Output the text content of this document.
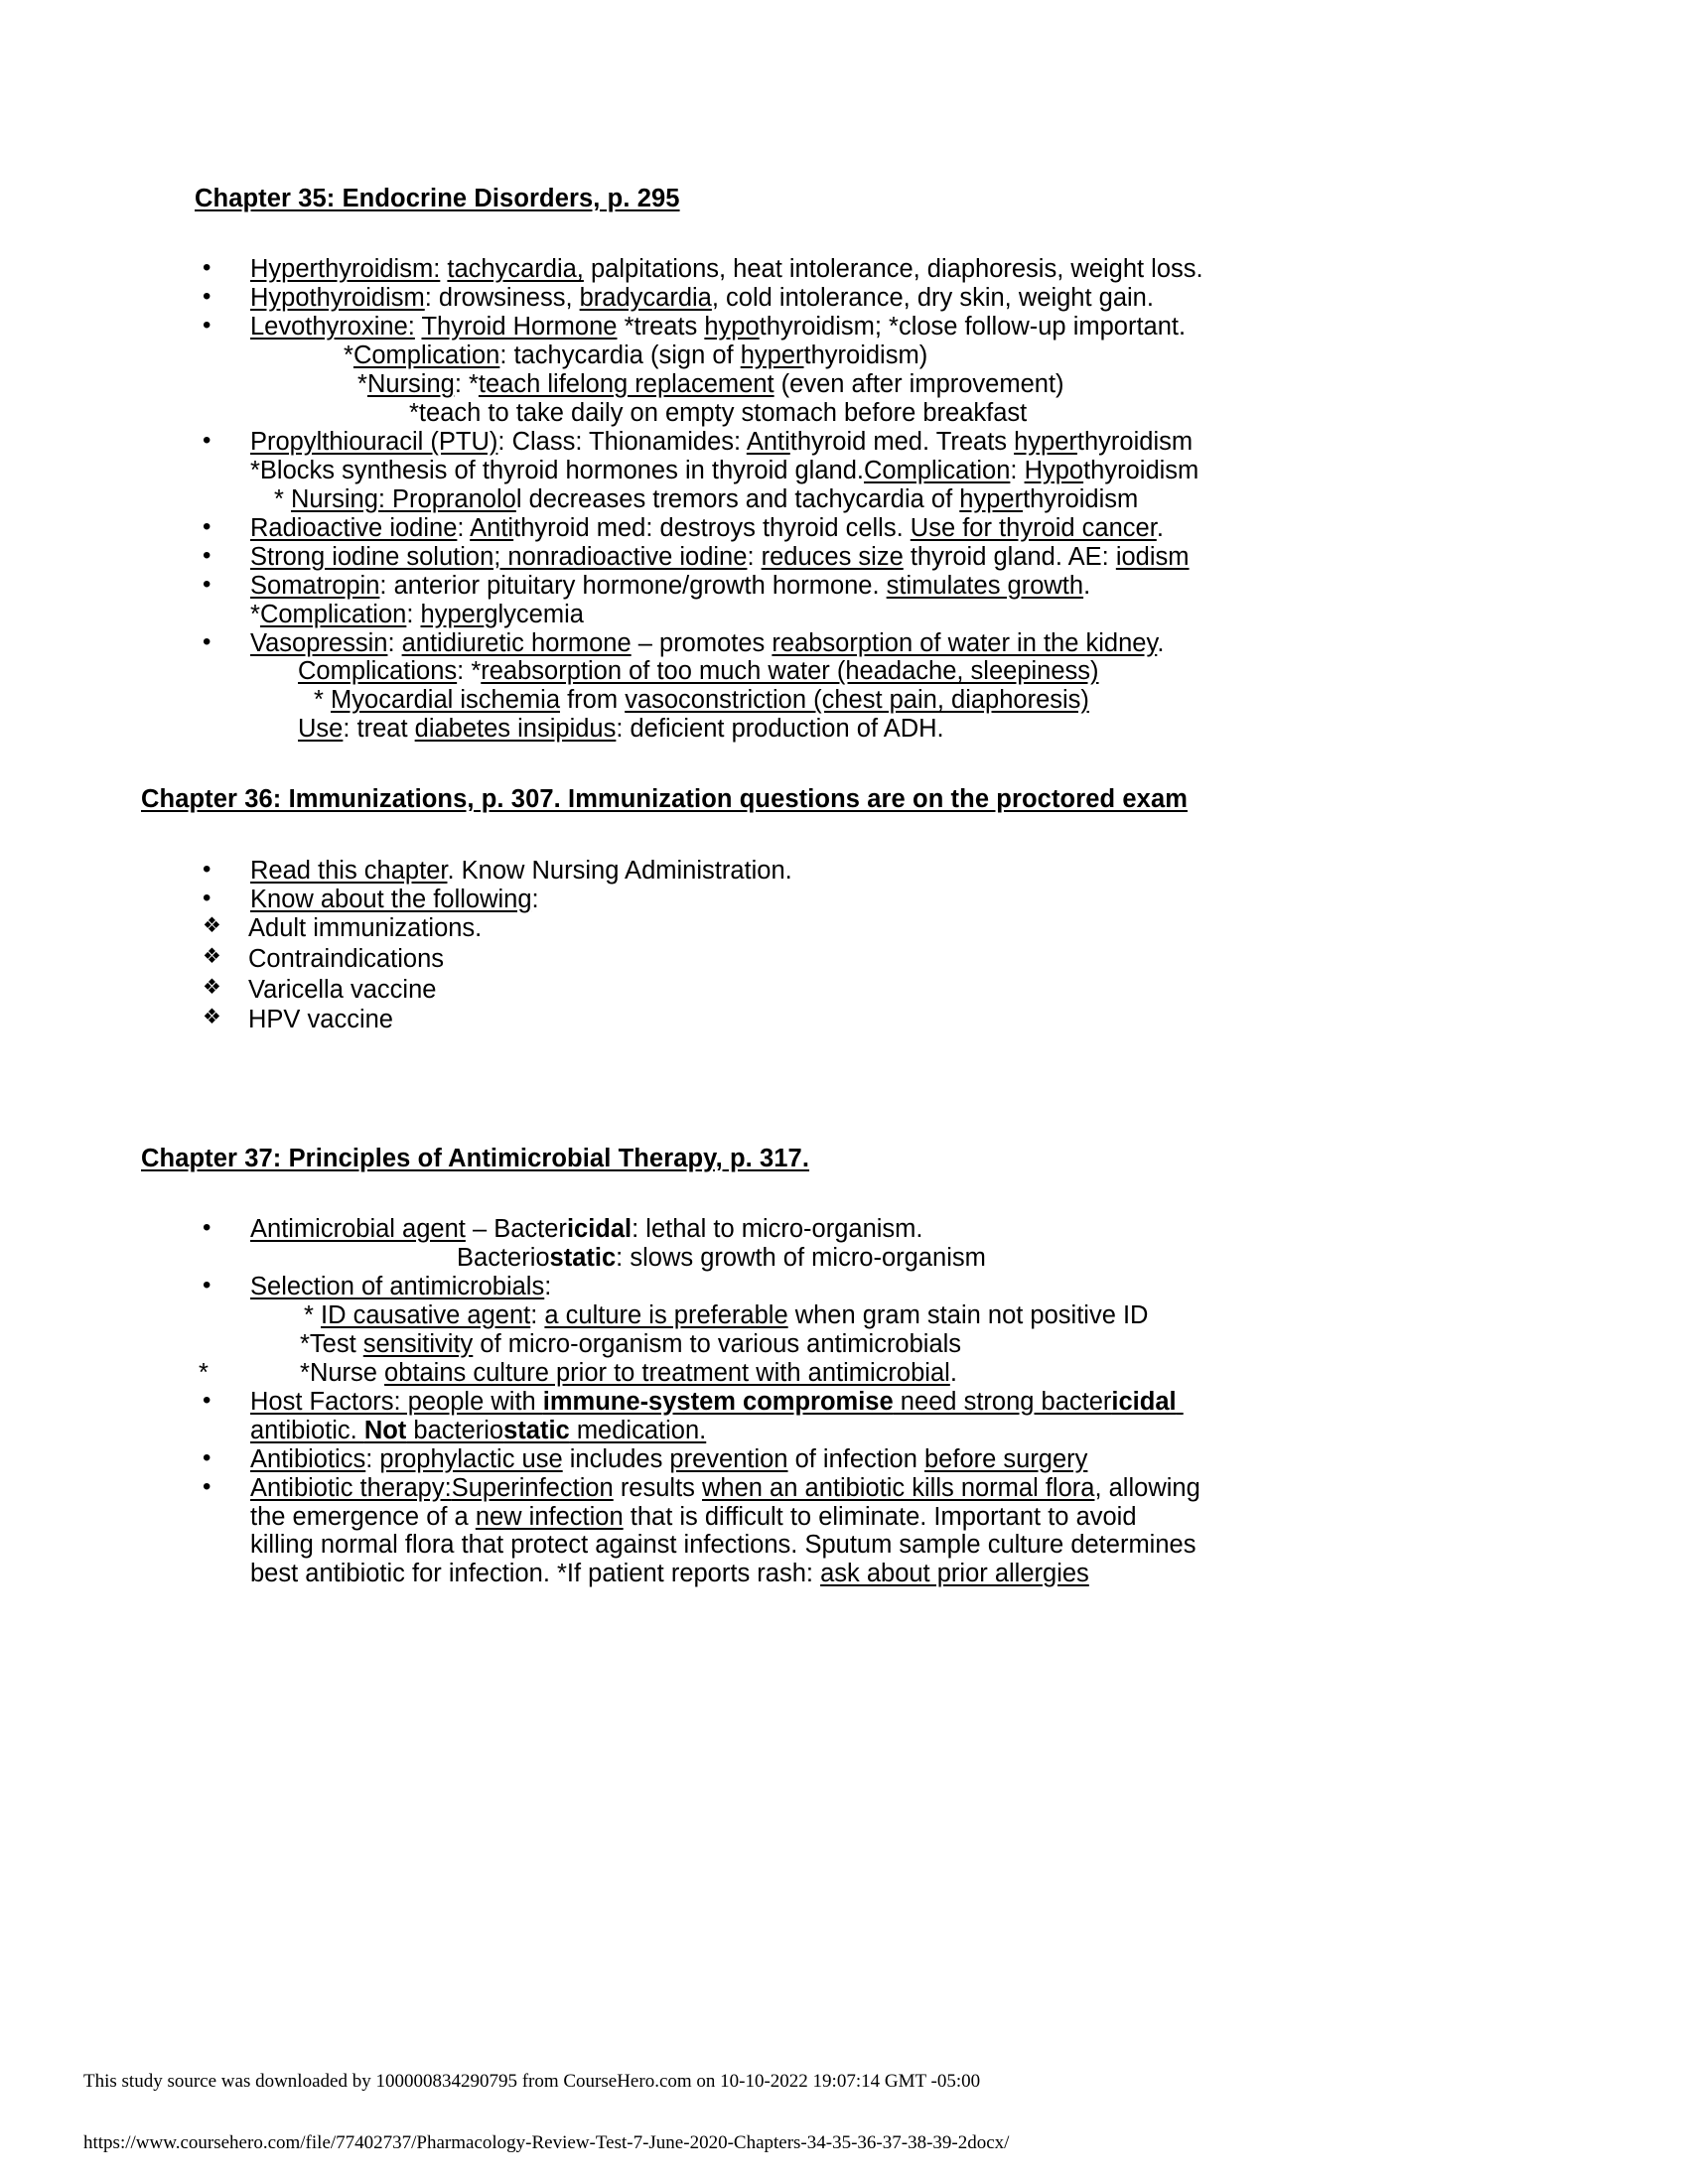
Chapter 35: Endocrine Disorders, p. 295
• Hyperthyroidism: tachycardia, palpitations, heat intolerance, diaphoresis, weight loss.
• Hypothyroidism: drowsiness, bradycardia, cold intolerance, dry skin, weight gain.
• Levothyroxine: Thyroid Hormone *treats hypothyroidism; *close follow-up important.
*Complication: tachycardia (sign of hyperthyroidism)
*Nursing: *teach lifelong replacement (even after improvement)
*teach to take daily on empty stomach before breakfast
• Propylthiouracil (PTU): Class: Thionamides: Antithyroid med. Treats hyperthyroidism
*Blocks synthesis of thyroid hormones in thyroid gland.Complication: Hypothyroidism
* Nursing: Propranolol decreases tremors and tachycardia of hyperthyroidism
• Radioactive iodine: Antithyroid med: destroys thyroid cells. Use for thyroid cancer.
• Strong iodine solution; nonradioactive iodine: reduces size thyroid gland. AE: iodism
• Somatropin: anterior pituitary hormone/growth hormone. stimulates growth.
*Complication: hyperglycemia
• Vasopressin: antidiuretic hormone – promotes reabsorption of water in the kidney.
Complications: *reabsorption of too much water (headache, sleepiness)
* Myocardial ischemia from vasoconstriction (chest pain, diaphoresis)
Use: treat diabetes insipidus: deficient production of ADH.
Chapter 36: Immunizations, p. 307. Immunization questions are on the proctored exam
• Read this chapter. Know Nursing Administration.
• Know about the following:
❖ Adult immunizations.
❖ Contraindications
❖ Varicella vaccine
❖ HPV vaccine
Chapter 37: Principles of Antimicrobial Therapy, p. 317.
• Antimicrobial agent – Bactericidal: lethal to micro-organism.
Bacteriostatic: slows growth of micro-organism
• Selection of antimicrobials:
* ID causative agent: a culture is preferable when gram stain not positive ID
*Test sensitivity of micro-organism to various antimicrobials
*	*Nurse obtains culture prior to treatment with antimicrobial.
• Host Factors: people with immune-system compromise need strong bactericidal
antibiotic. Not bacteriostatic medication.
• Antibiotics: prophylactic use includes prevention of infection before surgery
• Antibiotic therapy:Superinfection results when an antibiotic kills normal flora, allowing
the emergence of a new infection that is difficult to eliminate. Important to avoid
killing normal flora that protect against infections. Sputum sample culture determines
best antibiotic for infection. *If patient reports rash: ask about prior allergies
This study source was downloaded by 100000834290795 from CourseHero.com on 10-10-2022 19:07:14 GMT -05:00
https://www.coursehero.com/file/77402737/Pharmacology-Review-Test-7-June-2020-Chapters-34-35-36-37-38-39-2docx/
